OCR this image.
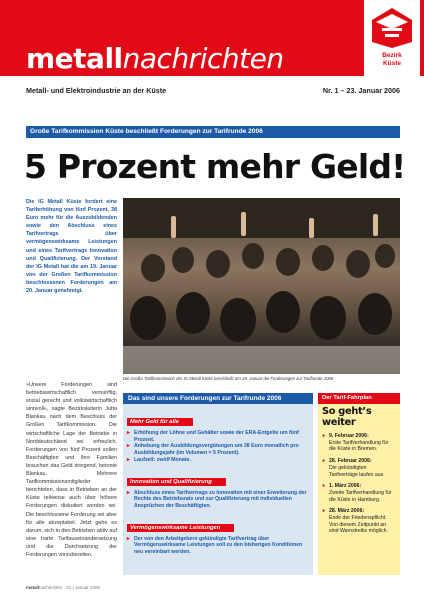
metallnachrichten	Bezirk
Küste
Metall- und Elektroindustrie an der Küste	Nr. 1 – 23. Januar 2006
Große Tarifkommission Küste beschließt Forderungen zur Tarifrunde 2006
5 Prozent mehr Geld!
Die IG Metall Küste fordert eine Tariferhöhung von fünf Prozent, 38 Euro mehr für die Auszubildenden sowie den Abschluss eines Tarifvertrags über vermögenswirksame Leistungen und eines Tarifvertrags Innovation und Qualifizierung. Der Vorstand der IG Metall hat die am 19. Januar von der Großen Tarifkommission beschlossenen Forderungen am 20. Januar genehmigt.
»Unsere Forderungen sind betriebswirtschaftlich vernünftig, sozial gerecht und volkswirtschaftlich sinnvoll«, sagte Bezirksleiterin Jutta Blankau nach dem Beschluss der Großen Tarifkommission. Die wirtschaftliche Lage der Betriebe in Norddeutschland sei erfreulich. Forderungen von fünf Prozent sollen Beschäftigten und Ihre Familien brauchen das Geld dringend, betonte Blankau. Mehrere Tarifkommissionsmitglieder berichteten, dass in Betrieben an der Küste teilweise auch über höhere Forderungen diskutiert worden sei. Die beschlossene Forderung sei aber für alle akzeptabel. Jetzt gehe es darum, sich in den Betrieben aktiv auf eine harte Tarifauseinandersetzung und die Durchsetzung der Forderungen vorzubereiten.
Die Große Tarifkommission der IG Metall Küste beschließt am 19. Januar die Forderungen zur Tarifrunde 2006
Das sind unsere Forderungen zur Tarifrunde 2006
Mehr Geld für alle
▸ Erhöhung der Löhne und Gehälter sowie der ERA-Entgelte um fünf Prozent.
▸ Anhebung der Ausbildungsvergütungen um 38 Euro monatlich pro Ausbildungsjahr (im Volumen = 5 Prozent).
▸ Laufzeit: zwölf Monate.
Innovation und Qualifizierung
▸ Abschluss eines Tarifvertrags zu Innovation mit einer Erweiterung der Rechte des Betriebsrats und zur Qualifizierung mit individuellen Ansprüchen der Beschäftigten.
Vermögenswirksame Leistungen
▸ Der von den Arbeitgebern gekündigte Tarifvertrag über Vermögenswirksame Leistungen soll zu den bisherigen Konditionen neu vereinbart werden.
Der Tarif-Fahrplan
So geht’s weiter
● 9. Februar 2006:
Erste Tarifverhandlung für die Küste in Bremen.
● 28. Februar 2006:
Die gekündigten Tarifverträge laufen aus.
● 1. März 2006:
Zweite Tarifverhandlung für die Küste in Hamburg.
● 28. März 2006:
Ende der Friedenspflicht. Von diesem Zeitpunkt an sind Warnstreiks möglich.
metallnachrichten · 01 | Januar 2006
